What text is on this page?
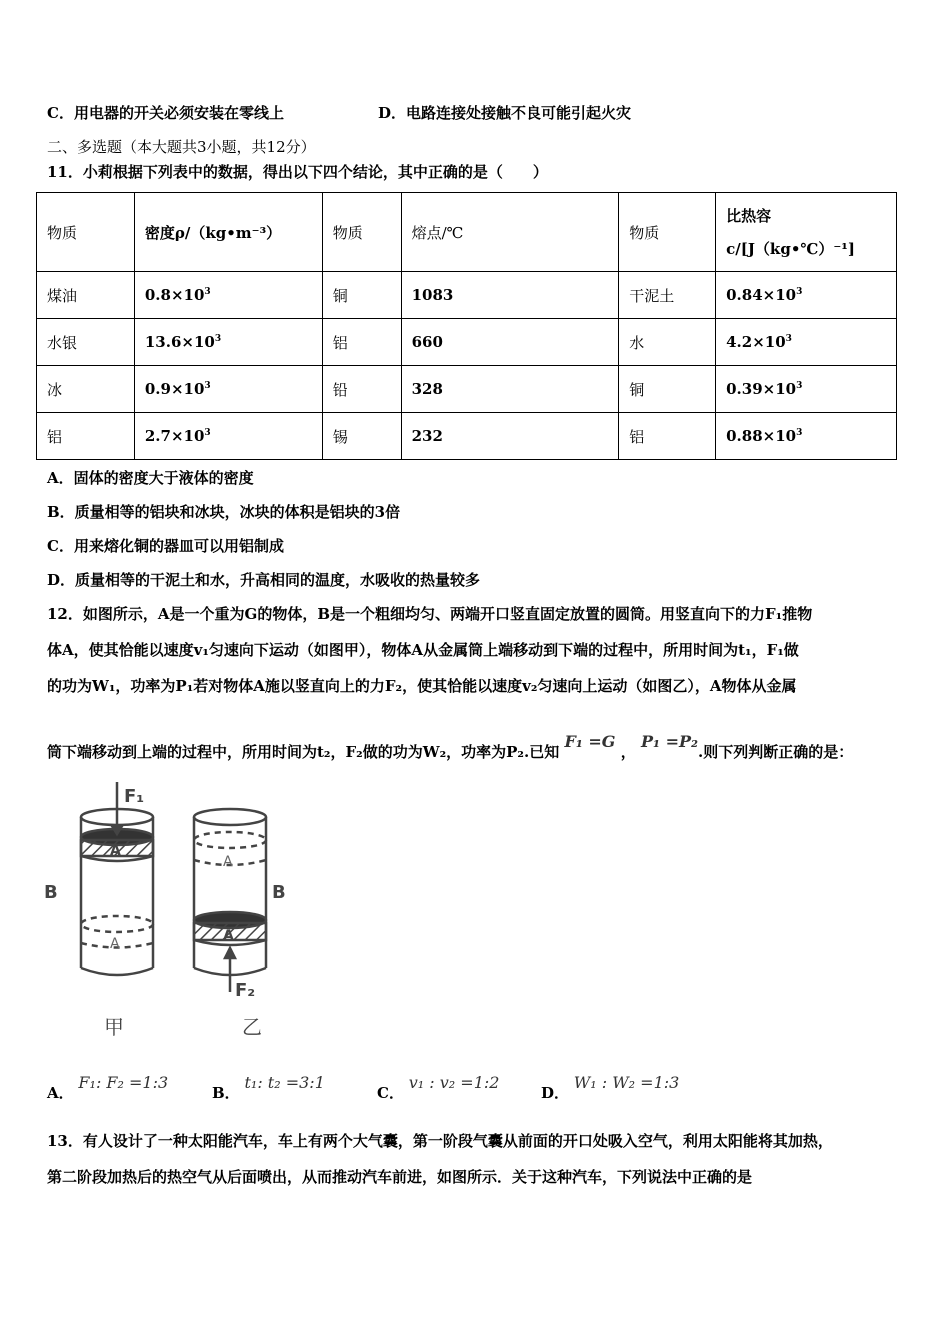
C．用电器的开关必须安装在零线上	D．电路连接处接触不良可能引起火灾
二、多选题（本大题共3小题，共12分）
11．小莉根据下列表中的数据，得出以下四个结论，其中正确的是（　　）
物质	密度ρ/（kg•m⁻³）	物质	熔点/℃	物质	比热容
c/[J（kg•℃）⁻¹]

煤油	$0.8\times 10^3$	铜	1083	干泥土	$0.84\times 10^3$
水银	$13.6\times 10^3$	铝	660	水	$4.2\times 10^3$
冰	$0.9\times 10^3$	铅	328	铜	$0.39\times 10^3$
铝	$2.7\times 10^3$	锡	232	铝	$0.88\times 10^3$
A．固体的密度大于液体的密度
B．质量相等的铝块和冰块，冰块的体积是铝块的3倍
C．用来熔化铜的器皿可以用铝制成
D．质量相等的干泥土和水，升高相同的温度，水吸收的热量较多
12．如图所示，A是一个重为G的物体，B是一个粗细均匀、两端开口竖直固定放置的圆筒。用竖直向下的力F₁推物
体A，使其恰能以速度v₁匀速向下运动（如图甲），物体A从金属筒上端移动到下端的过程中，所用时间为t₁，F₁做
的功为W₁，功率为P₁若对物体A施以竖直向上的力F₂，使其恰能以速度v₂匀速向上运动（如图乙），A物体从金属
筒下端移动到上端的过程中，所用时间为t₂，F₂做的功为W₂，功率为P₂.已知 F₁ =G ， P₁ =P₂.则下列判断正确的是：
F₁
A
A
B
甲
A
A
B
F₂
乙
A． F₁: F₂ =1:3
B． t₁: t₂ =3:1
C． v₁ : v₂ =1:2
D． W₁ : W₂ =1:3
13．有人设计了一种太阳能汽车，车上有两个大气囊，第一阶段气囊从前面的开口处吸入空气，利用太阳能将其加热，
第二阶段加热后的热空气从后面喷出，从而推动汽车前进，如图所示．关于这种汽车，下列说法中正确的是
